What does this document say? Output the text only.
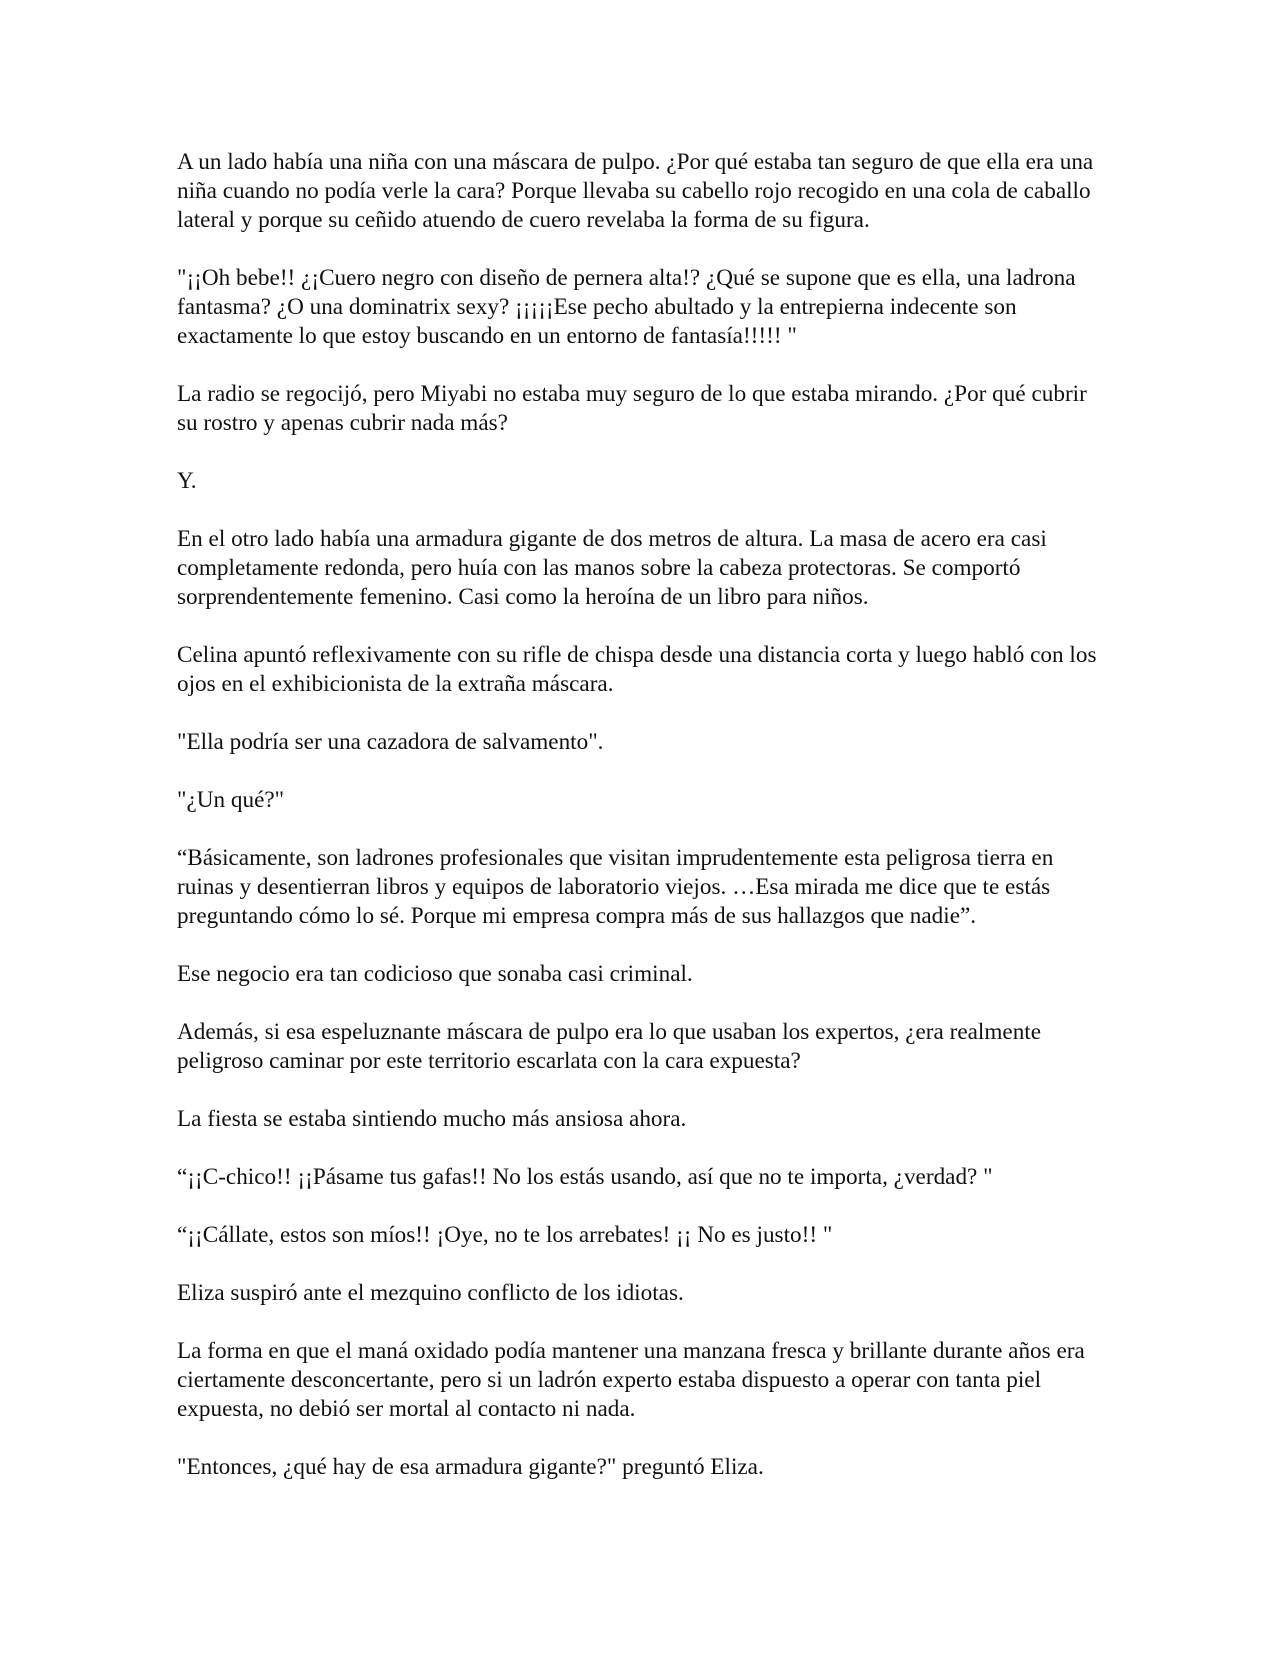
A un lado había una niña con una máscara de pulpo. ¿Por qué estaba tan seguro de que ella era una niña cuando no podía verle la cara? Porque llevaba su cabello rojo recogido en una cola de caballo lateral y porque su ceñido atuendo de cuero revelaba la forma de su figura.

"¡¡Oh bebe!! ¿¡Cuero negro con diseño de pernera alta!? ¿Qué se supone que es ella, una ladrona fantasma? ¿O una dominatrix sexy? ¡¡¡¡¡Ese pecho abultado y la entrepierna indecente son exactamente lo que estoy buscando en un entorno de fantasía!!!!! "

La radio se regocijó, pero Miyabi no estaba muy seguro de lo que estaba mirando. ¿Por qué cubrir su rostro y apenas cubrir nada más?

Y.

En el otro lado había una armadura gigante de dos metros de altura. La masa de acero era casi completamente redonda, pero huía con las manos sobre la cabeza protectoras. Se comportó sorprendentemente femenino. Casi como la heroína de un libro para niños.

Celina apuntó reflexivamente con su rifle de chispa desde una distancia corta y luego habló con los ojos en el exhibicionista de la extraña máscara.

"Ella podría ser una cazadora de salvamento".

"¿Un qué?"

“Básicamente, son ladrones profesionales que visitan imprudentemente esta peligrosa tierra en ruinas y desentierran libros y equipos de laboratorio viejos. …Esa mirada me dice que te estás preguntando cómo lo sé. Porque mi empresa compra más de sus hallazgos que nadie”.

Ese negocio era tan codicioso que sonaba casi criminal.

Además, si esa espeluznante máscara de pulpo era lo que usaban los expertos, ¿era realmente peligroso caminar por este territorio escarlata con la cara expuesta?

La fiesta se estaba sintiendo mucho más ansiosa ahora.

“¡¡C-chico!! ¡¡Pásame tus gafas!! No los estás usando, así que no te importa, ¿verdad? "

“¡¡Cállate, estos son míos!! ¡Oye, no te los arrebates! ¡¡ No es justo!! "

Eliza suspiró ante el mezquino conflicto de los idiotas.

La forma en que el maná oxidado podía mantener una manzana fresca y brillante durante años era ciertamente desconcertante, pero si un ladrón experto estaba dispuesto a operar con tanta piel expuesta, no debió ser mortal al contacto ni nada.

"Entonces, ¿qué hay de esa armadura gigante?" preguntó Eliza.
